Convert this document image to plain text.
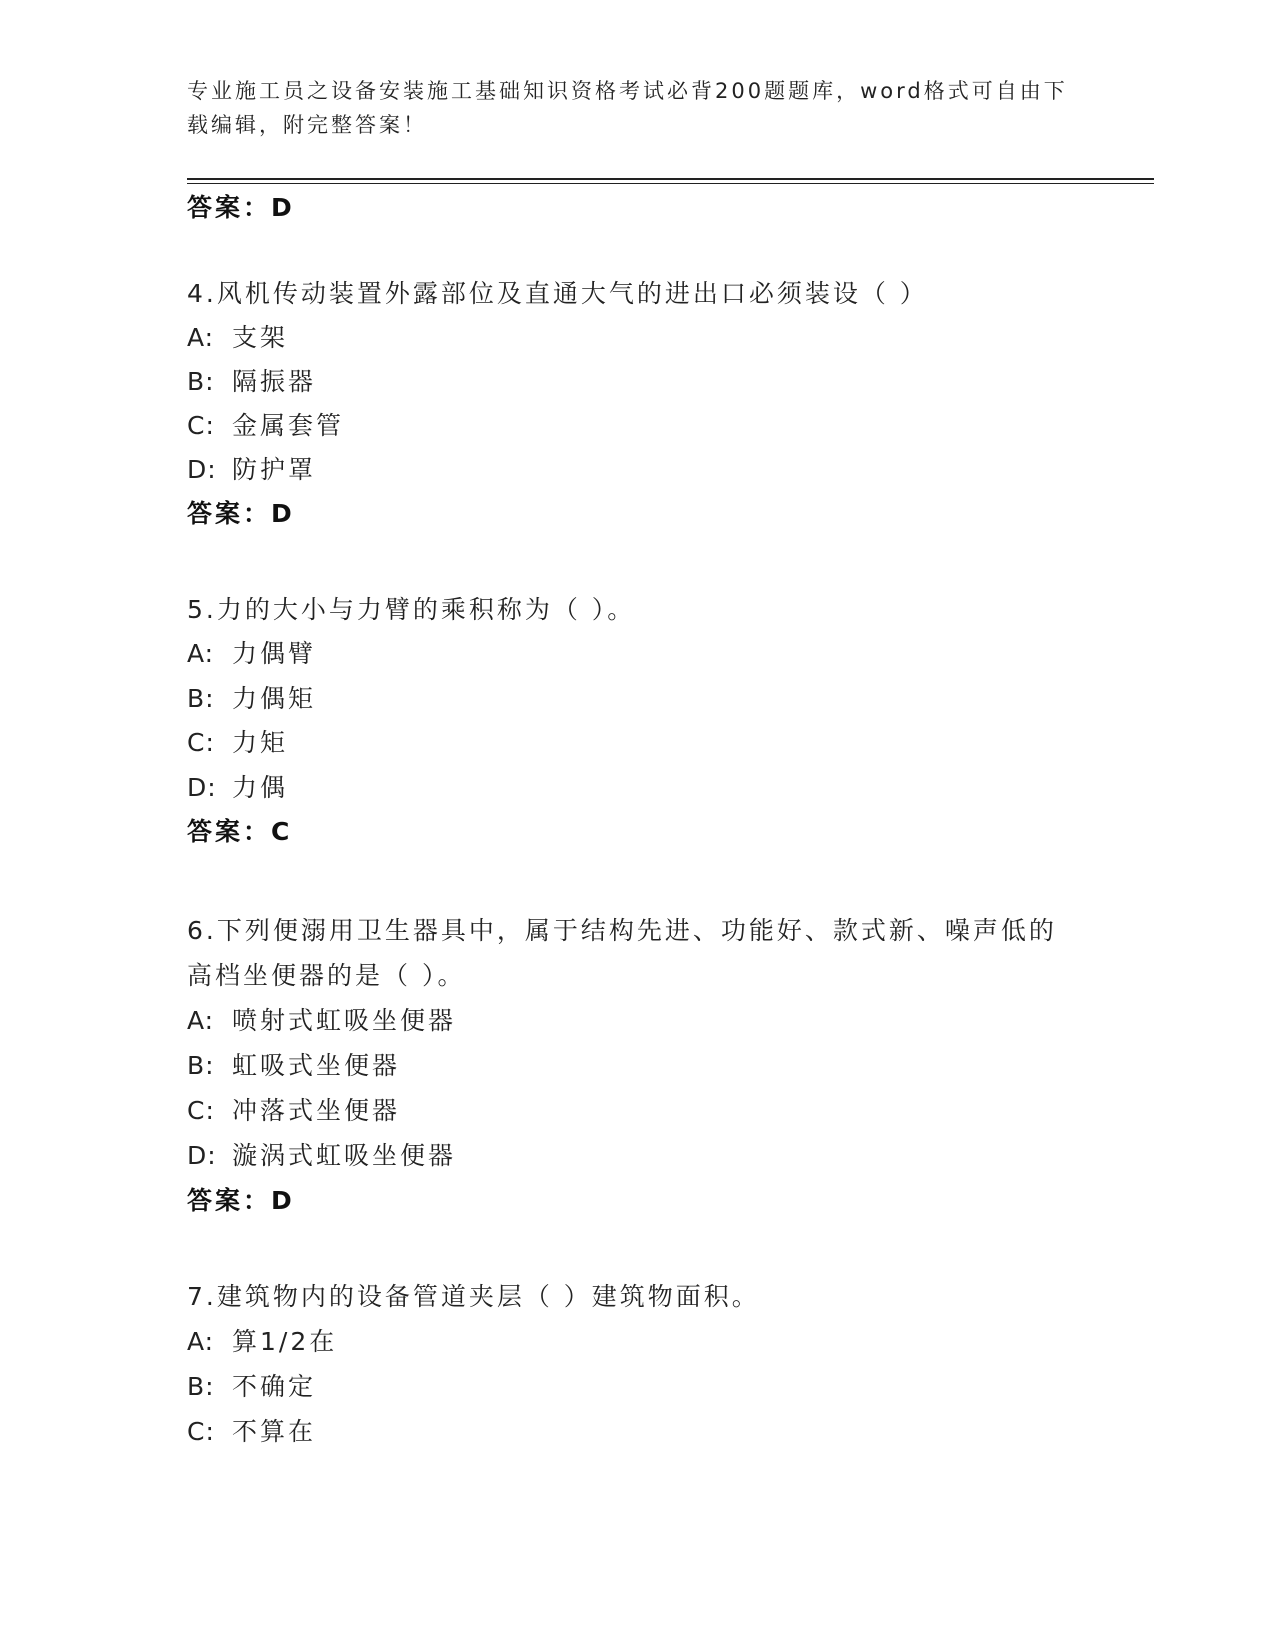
专业施工员之设备安装施工基础知识资格考试必背200题题库，word格式可自由下载编辑，附完整答案！
答案：D
4.风机传动装置外露部位及直通大气的进出口必须装设（ ）
A: 支架
B: 隔振器
C: 金属套管
D: 防护罩
答案：D
5.力的大小与力臂的乘积称为（ ）。
A: 力偶臂
B: 力偶矩
C: 力矩
D: 力偶
答案：C
6.下列便溺用卫生器具中，属于结构先进、功能好、款式新、噪声低的高档坐便器的是（ ）。
A: 喷射式虹吸坐便器
B: 虹吸式坐便器
C: 冲落式坐便器
D: 漩涡式虹吸坐便器
答案：D
7.建筑物内的设备管道夹层（ ）建筑物面积。
A: 算1/2在
B: 不确定
C: 不算在
